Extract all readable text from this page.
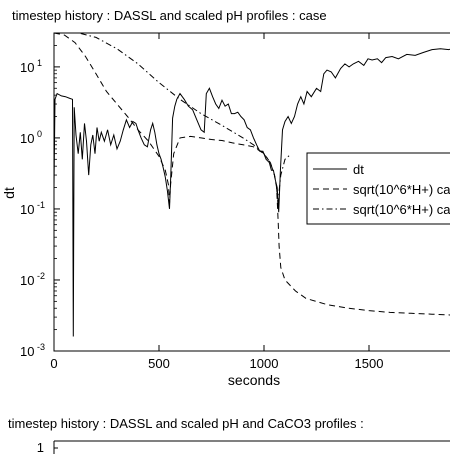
timestep history : DASSL and scaled pH profiles : case
10 1
10 0
10 -1
10 -2
10 -3
0	500	1000	1500
seconds
dt
dt
sqrt(10^6*H+) ca
sqrt(10^6*H+) ca
timestep history : DASSL and scaled pH and CaCO3 profiles :
1
